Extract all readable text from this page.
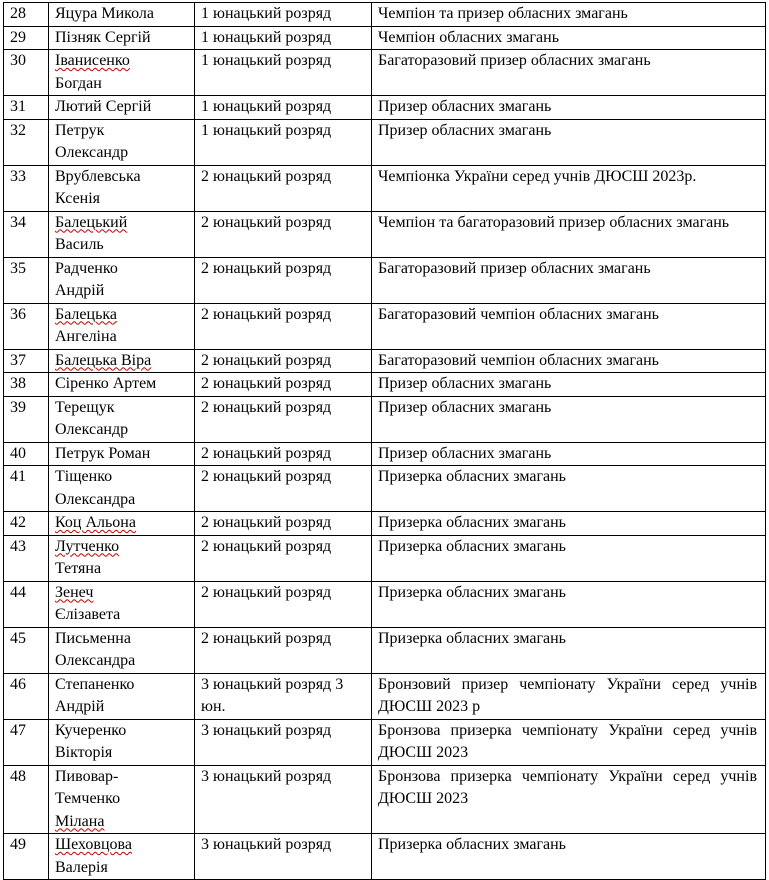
28	Яцура Микола	1 юнацький розряд	Чемпіон та призер обласних змагань
29	Пізняк Сергій	1 юнацький розряд	Чемпіон обласних змагань
30	Іванисенко
Богдан	1 юнацький розряд	Багаторазовий призер обласних змагань
31	Лютий Сергій	1 юнацький розряд	Призер обласних змагань
32	Петрук
Олександр	1 юнацький розряд	Призер обласних змагань
33	Врублевська
Ксенія	2 юнацький розряд	Чемпіонка України серед учнів ДЮСШ 2023р.
34	Балецький
Василь	2 юнацький розряд	Чемпіон та багаторазовий призер обласних змагань
35	Радченко
Андрій	2 юнацький розряд	Багаторазовий призер обласних змагань
36	Балецька
Ангеліна	2 юнацький розряд	Багаторазовий чемпіон обласних змагань
37	Балецька Віра	2 юнацький розряд	Багаторазовий чемпіон обласних змагань
38	Сіренко Артем	2 юнацький розряд	Призер обласних змагань
39	Терещук
Олександр	2 юнацький розряд	Призер обласних змагань
40	Петрук Роман	2 юнацький розряд	Призер обласних змагань
41	Тіщенко
Олександра	2 юнацький розряд	Призерка обласних змагань
42	Коц Альона	2 юнацький розряд	Призерка обласних змагань
43	Лутченко
Тетяна	2 юнацький розряд	Призерка обласних змагань
44	Зенеч
Єлізавета	2 юнацький розряд	Призерка обласних змагань
45	Письменна
Олександра	2 юнацький розряд	Призерка обласних змагань
46	Степаненко
Андрій	3 юнацький розряд 3 юн.	Бронзовий призер чемпіонату України серед учнів ДЮСШ 2023 р
47	Кучеренко
Вікторія	3 юнацький розряд	Бронзова призерка чемпіонату України серед учнів ДЮСШ 2023
48	Пивовар-
Темченко
Мілана	3 юнацький розряд	Бронзова призерка чемпіонату України серед учнів ДЮСШ 2023
49	Шеховцова
Валерія	3 юнацький розряд	Призерка обласних змагань
